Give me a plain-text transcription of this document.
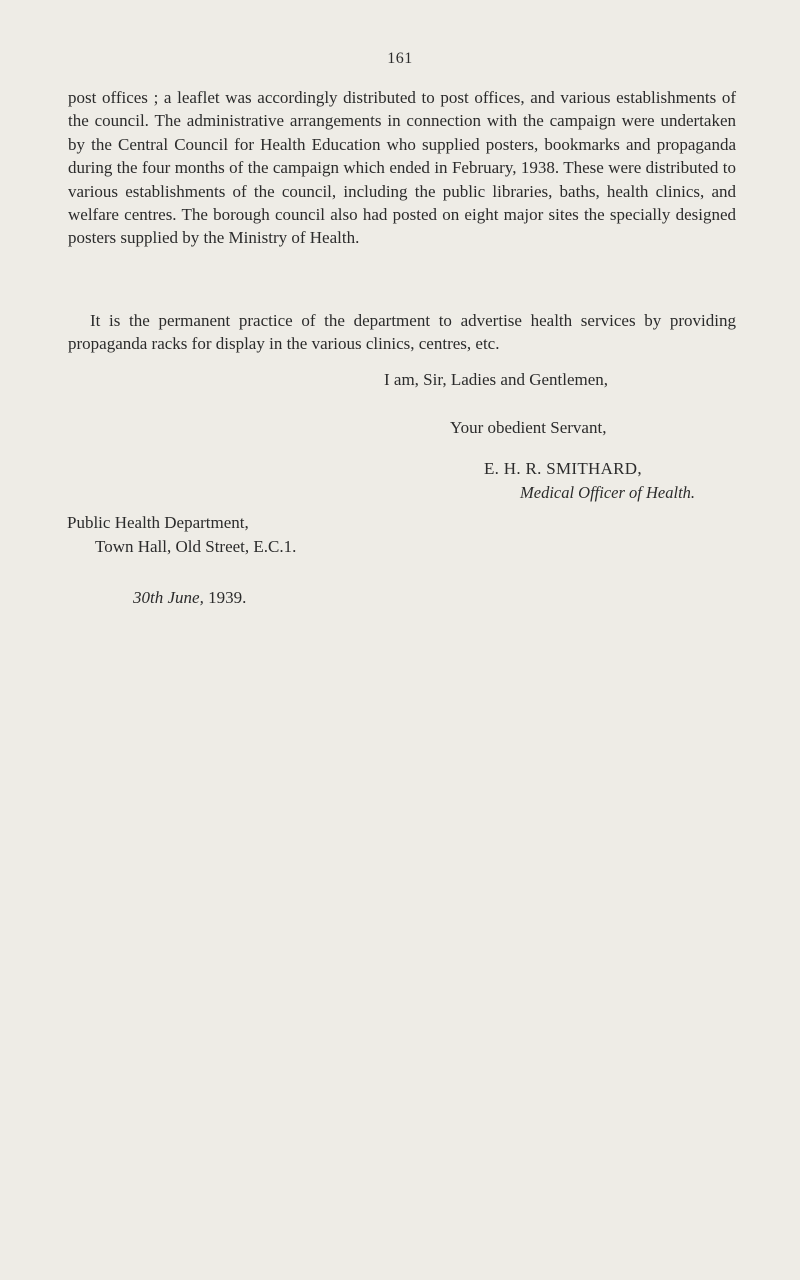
161

post offices ; a leaflet was accordingly distributed to post offices, and various establishments of the council. The administrative arrangements in connection with the campaign were undertaken by the Central Council for Health Education who supplied posters, bookmarks and propaganda during the four months of the campaign which ended in February, 1938. These were distributed to various establishments of the council, including the public libraries, baths, health clinics, and welfare centres. The borough council also had posted on eight major sites the specially designed posters supplied by the Ministry of Health.

It is the permanent practice of the department to advertise health services by providing propaganda racks for display in the various clinics, centres, etc.

I am, Sir, Ladies and Gentlemen,
Your obedient Servant,
E. H. R. SMITHARD,
Medical Officer of Health.
Public Health Department,
Town Hall, Old Street, E.C.1.
30th June, 1939.
